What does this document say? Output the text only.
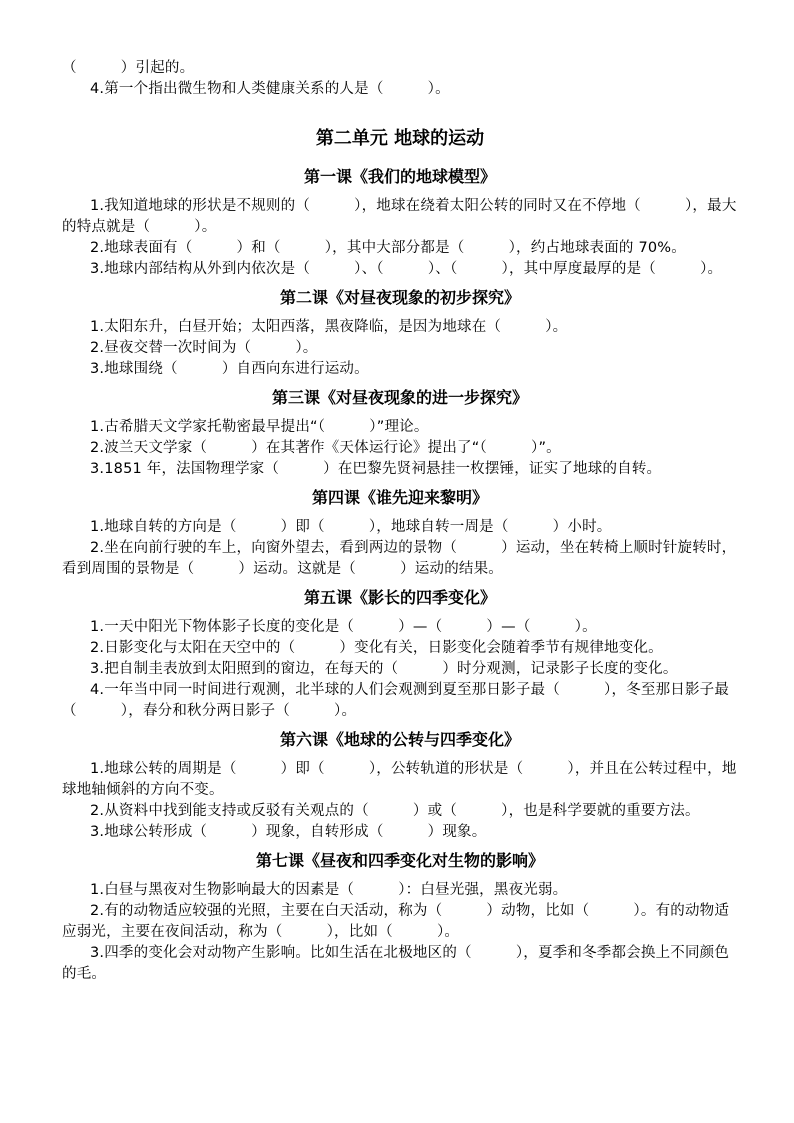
（　　　）引起的。

4.第一个指出微生物和人类健康关系的人是（　　　）。

第二单元 地球的运动
第一课《我们的地球模型》

1.我知道地球的形状是不规则的（　　　），地球在绕着太阳公转的同时又在不停地（　　　），最大的特点就是（　　　）。

2.地球表面有（　　　）和（　　　），其中大部分都是（　　　），约占地球表面的 70%。

3.地球内部结构从外到内依次是（　　　）、（　　　）、（　　　），其中厚度最厚的是（　　　）。

第二课《对昼夜现象的初步探究》

1.太阳东升，白昼开始；太阳西落，黑夜降临，是因为地球在（　　　）。

2.昼夜交替一次时间为（　　　）。

3.地球围绕（　　　）自西向东进行运动。

第三课《对昼夜现象的进一步探究》

1.古希腊天文学家托勒密最早提出“（　　　）”理论。

2.波兰天文学家（　　　）在其著作《天体运行论》提出了“（　　　）”。

3.1851 年，法国物理学家（　　　）在巴黎先贤祠悬挂一枚摆锤，证实了地球的自转。

第四课《谁先迎来黎明》

1.地球自转的方向是（　　　）即（　　　），地球自转一周是（　　　）小时。

2.坐在向前行驶的车上，向窗外望去，看到两边的景物（　　　）运动，坐在转椅上顺时针旋转时，看到周围的景物是（　　　）运动。这就是（　　　）运动的结果。

第五课《影长的四季变化》

1.一天中阳光下物体影子长度的变化是（　　　）—（　　　）—（　　　）。

2.日影变化与太阳在天空中的（　　　）变化有关，日影变化会随着季节有规律地变化。

3.把自制圭表放到太阳照到的窗边，在每天的（　　　）时分观测，记录影子长度的变化。

4.一年当中同一时间进行观测，北半球的人们会观测到夏至那日影子最（　　　），冬至那日影子最（　　　），春分和秋分两日影子（　　　）。

第六课《地球的公转与四季变化》

1.地球公转的周期是（　　　）即（　　　），公转轨道的形状是（　　　），并且在公转过程中，地球地轴倾斜的方向不变。

2.从资料中找到能支持或反驳有关观点的（　　　）或（　　　），也是科学要就的重要方法。

3.地球公转形成（　　　）现象，自转形成（　　　）现象。

第七课《昼夜和四季变化对生物的影响》

1.白昼与黑夜对生物影响最大的因素是（　　　）：白昼光强，黑夜光弱。

2.有的动物适应较强的光照，主要在白天活动，称为（　　　）动物，比如（　　　）。有的动物适应弱光，主要在夜间活动，称为（　　　），比如（　　　）。

3.四季的变化会对动物产生影响。比如生活在北极地区的（　　　），夏季和冬季都会换上不同颜色的毛。
